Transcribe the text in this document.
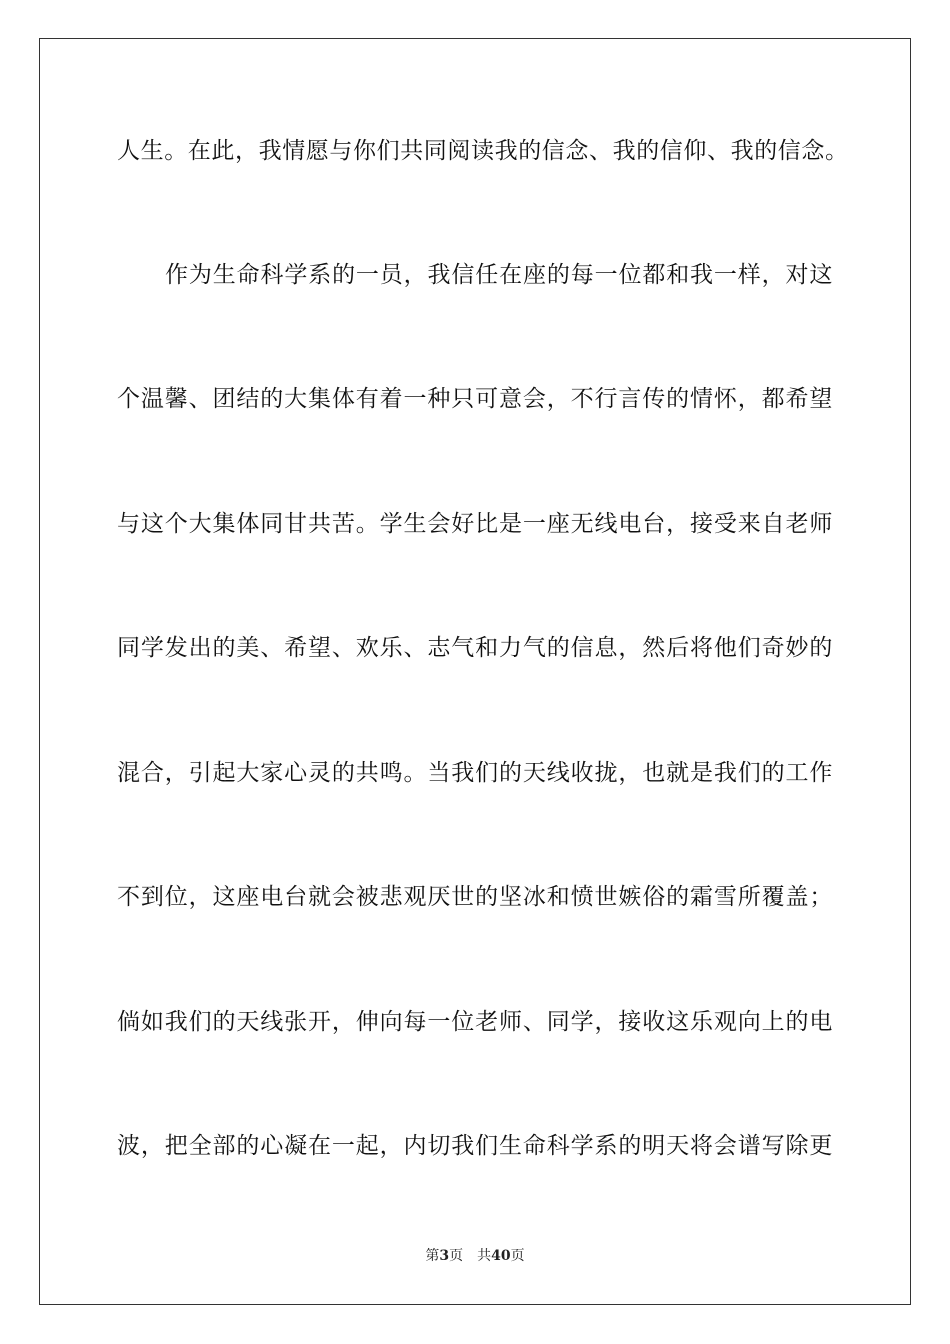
人生。在此，我情愿与你们共同阅读我的信念、我的信仰、我的信念。
作为生命科学系的一员，我信任在座的每一位都和我一样，对这
个温馨、团结的大集体有着一种只可意会，不行言传的情怀，都希望
与这个大集体同甘共苦。学生会好比是一座无线电台，接受来自老师
同学发出的美、希望、欢乐、志气和力气的信息，然后将他们奇妙的
混合，引起大家心灵的共鸣。当我们的天线收拢，也就是我们的工作
不到位，这座电台就会被悲观厌世的坚冰和愤世嫉俗的霜雪所覆盖；
倘如我们的天线张开，伸向每一位老师、同学，接收这乐观向上的电
波，把全部的心凝在一起，内切我们生命科学系的明天将会谱写除更
第3页 共40页
